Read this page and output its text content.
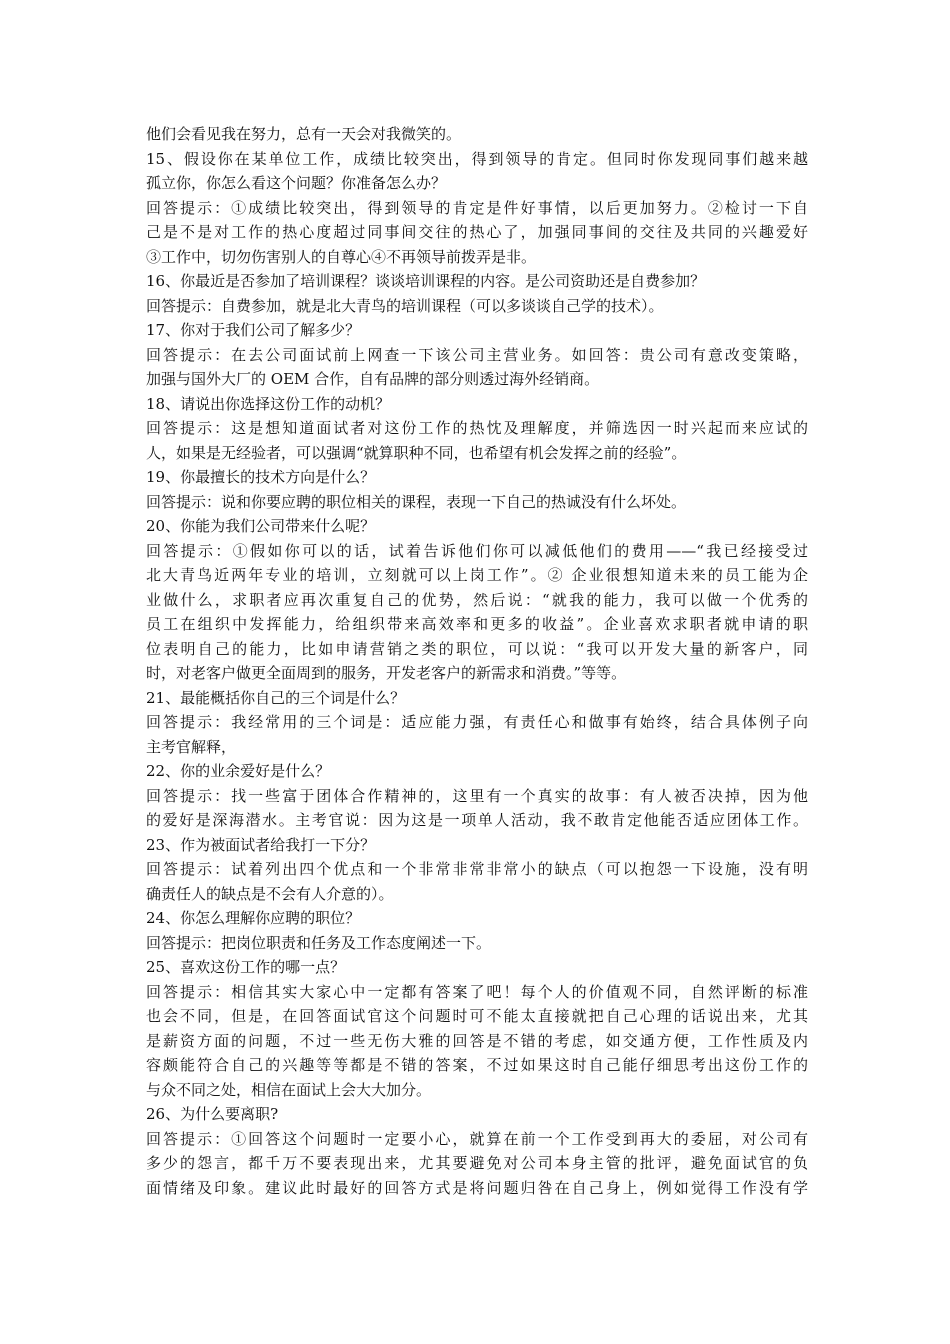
他们会看见我在努力，总有一天会对我微笑的。
15、假设你在某单位工作，成绩比较突出，得到领导的肯定。但同时你发现同事们越来越
孤立你，你怎么看这个问题？你准备怎么办？
回答提示：①成绩比较突出，得到领导的肯定是件好事情，以后更加努力。②检讨一下自
己是不是对工作的热心度超过同事间交往的热心了，加强同事间的交往及共同的兴趣爱好
③工作中，切勿伤害别人的自尊心④不再领导前拨弄是非。
16、你最近是否参加了培训课程？谈谈培训课程的内容。是公司资助还是自费参加？
回答提示：自费参加，就是北大青鸟的培训课程（可以多谈谈自己学的技术）。
17、你对于我们公司了解多少？
回答提示：在去公司面试前上网查一下该公司主营业务。如回答：贵公司有意改变策略，
加强与国外大厂的 OEM 合作，自有品牌的部分则透过海外经销商。
18、请说出你选择这份工作的动机？
回答提示：这是想知道面试者对这份工作的热忱及理解度，并筛选因一时兴起而来应试的
人，如果是无经验者，可以强调“就算职种不同，也希望有机会发挥之前的经验”。
19、你最擅长的技术方向是什么？
回答提示：说和你要应聘的职位相关的课程，表现一下自己的热诚没有什么坏处。
20、你能为我们公司带来什么呢？
回答提示：①假如你可以的话，试着告诉他们你可以减低他们的费用——“我已经接受过
北大青鸟近两年专业的培训，立刻就可以上岗工作”。② 企业很想知道未来的员工能为企
业做什么，求职者应再次重复自己的优势，然后说：“就我的能力，我可以做一个优秀的
员工在组织中发挥能力，给组织带来高效率和更多的收益”。企业喜欢求职者就申请的职
位表明自己的能力，比如申请营销之类的职位，可以说：“我可以开发大量的新客户，同
时，对老客户做更全面周到的服务，开发老客户的新需求和消费。”等等。
21、最能概括你自己的三个词是什么？
回答提示：我经常用的三个词是：适应能力强，有责任心和做事有始终，结合具体例子向
主考官解释，
22、你的业余爱好是什么？
回答提示：找一些富于团体合作精神的，这里有一个真实的故事：有人被否决掉，因为他
的爱好是深海潜水。主考官说：因为这是一项单人活动，我不敢肯定他能否适应团体工作。
23、作为被面试者给我打一下分？
回答提示：试着列出四个优点和一个非常非常非常小的缺点（可以抱怨一下设施，没有明
确责任人的缺点是不会有人介意的）。
24、你怎么理解你应聘的职位？
回答提示：把岗位职责和任务及工作态度阐述一下。
25、喜欢这份工作的哪一点？
回答提示：相信其实大家心中一定都有答案了吧！每个人的价值观不同，自然评断的标准
也会不同，但是，在回答面试官这个问题时可不能太直接就把自己心理的话说出来，尤其
是薪资方面的问题，不过一些无伤大雅的回答是不错的考虑，如交通方便，工作性质及内
容颇能符合自己的兴趣等等都是不错的答案，不过如果这时自己能仔细思考出这份工作的
与众不同之处，相信在面试上会大大加分。
26、为什么要离职?
回答提示：①回答这个问题时一定要小心，就算在前一个工作受到再大的委屈，对公司有
多少的怨言，都千万不要表现出来，尤其要避免对公司本身主管的批评，避免面试官的负
面情绪及印象。建议此时最好的回答方式是将问题归咎在自己身上，例如觉得工作没有学
